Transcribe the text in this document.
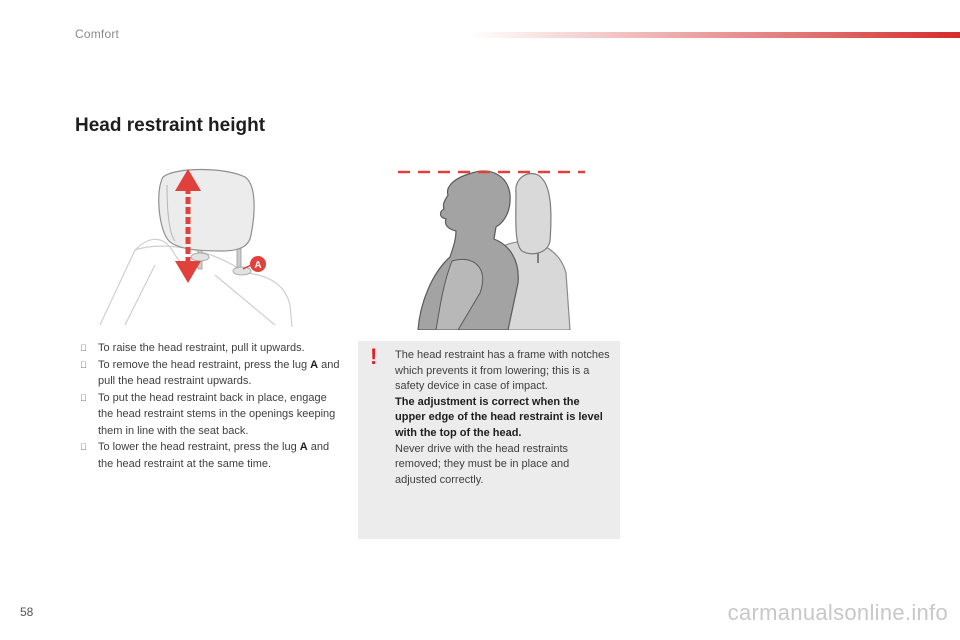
Comfort
Head restraint height
A
To raise the head restraint, pull it upwards.
To remove the head restraint, press the lug A and pull the head restraint upwards.
To put the head restraint back in place, engage the head restraint stems in the openings keeping them in line with the seat back.
To lower the head restraint, press the lug A and the head restraint at the same time.
! The head restraint has a frame with notches which prevents it from lowering; this is a safety device in case of impact.

The adjustment is correct when the upper edge of the head restraint is level with the top of the head.

Never drive with the head restraints removed; they must be in place and adjusted correctly.

58	carmanualsonline.info
